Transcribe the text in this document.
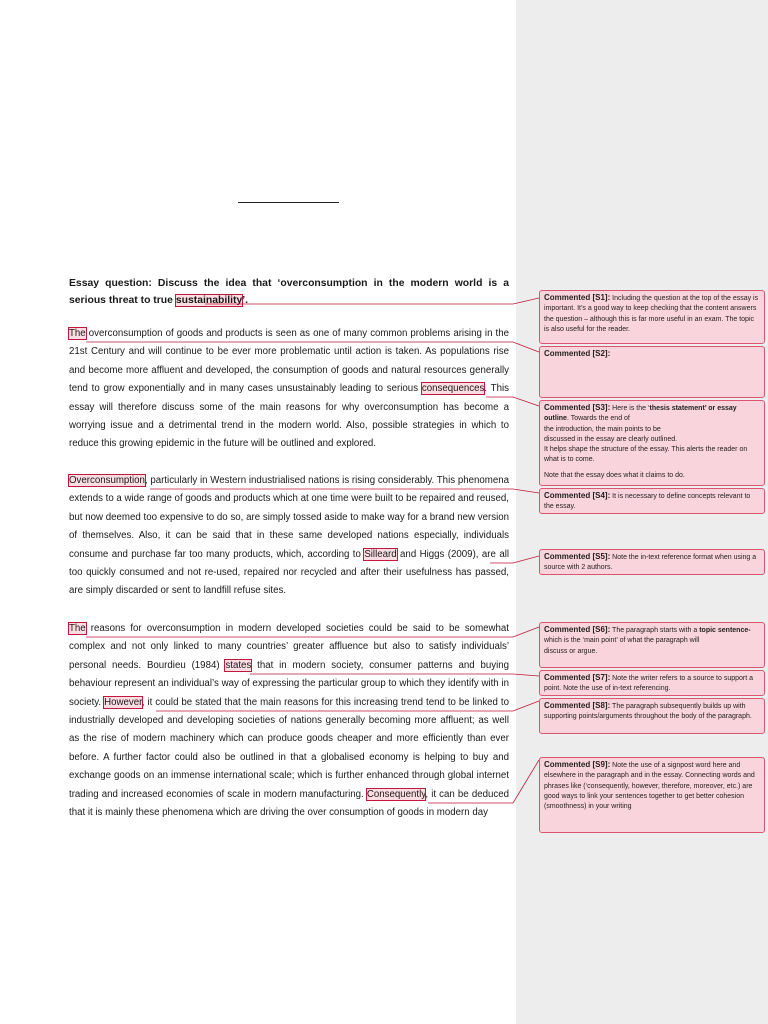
Essay question: Discuss the idea that ‘overconsumption in the modern world is a serious threat to true sustainability’.
The overconsumption of goods and products is seen as one of many common problems arising in the 21st Century and will continue to be ever more problematic until action is taken. As populations rise and become more affluent and developed, the consumption of goods and natural resources generally tend to grow exponentially and in many cases unsustainably leading to serious consequences. This essay will therefore discuss some of the main reasons for why overconsumption has become a worrying issue and a detrimental trend in the modern world. Also, possible strategies in which to reduce this growing epidemic in the future will be outlined and explored.
Overconsumption, particularly in Western industrialised nations is rising considerably. This phenomena extends to a wide range of goods and products which at one time were built to be repaired and reused, but now deemed too expensive to do so, are simply tossed aside to make way for a brand new version of themselves. Also, it can be said that in these same developed nations especially, individuals consume and purchase far too many products, which, according to Silleard and Higgs (2009), are all too quickly consumed and not re-used, repaired nor recycled and after their usefulness has passed, are simply discarded or sent to landfill refuse sites.
The reasons for overconsumption in modern developed societies could be said to be somewhat complex and not only linked to many countries’ greater affluence but also to satisfy individuals’ personal needs. Bourdieu (1984) states that in modern society, consumer patterns and buying behaviour represent an individual’s way of expressing the particular group to which they identify with in society. However, it could be stated that the main reasons for this increasing trend tend to be linked to industrially developed and developing societies of nations generally becoming more affluent; as well as the rise of modern machinery which can produce goods cheaper and more efficiently than ever before. A further factor could also be outlined in that a globalised economy is helping to buy and exchange goods on an immense international scale; which is further enhanced through global internet trading and increased economies of scale in modern manufacturing. Consequently, it can be deduced that it is mainly these phenomena which are driving the over consumption of goods in modern day
Commented [S1]: Including the question at the top of the essay is important. It’s a good way to keep checking that the content answers the question – although this is far more useful in an exam. The topic is also useful for the reader.
Commented [S2]:
Commented [S3]: Here is the ‘thesis statement’ or essay outline. Towards the end of
the introduction, the main points to be
discussed in the essay are clearly outlined.
It helps shape the structure of the essay. This alerts the reader on what is to come.

Note that the essay does what it claims to do.
Commented [S4]: It is necessary to define concepts relevant to the essay.
Commented [S5]: Note the in-text reference format when using a source with 2 authors.
Commented [S6]: The paragraph starts with a topic sentence- which is the ‘main point’ of what the paragraph will
discuss or argue.
Commented [S7]: Note the writer refers to a source to support a point. Note the use of in-text referencing.
Commented [S8]: The paragraph subsequently builds up with supporting points/arguments throughout the body of the paragraph.
Commented [S9]: Note the use of a signpost word here and elsewhere in the paragraph and in the essay. Connecting words and phrases like (‘consequently, however, therefore, moreover, etc.) are good ways to link your sentences together to get better cohesion (smoothness) in your writing
